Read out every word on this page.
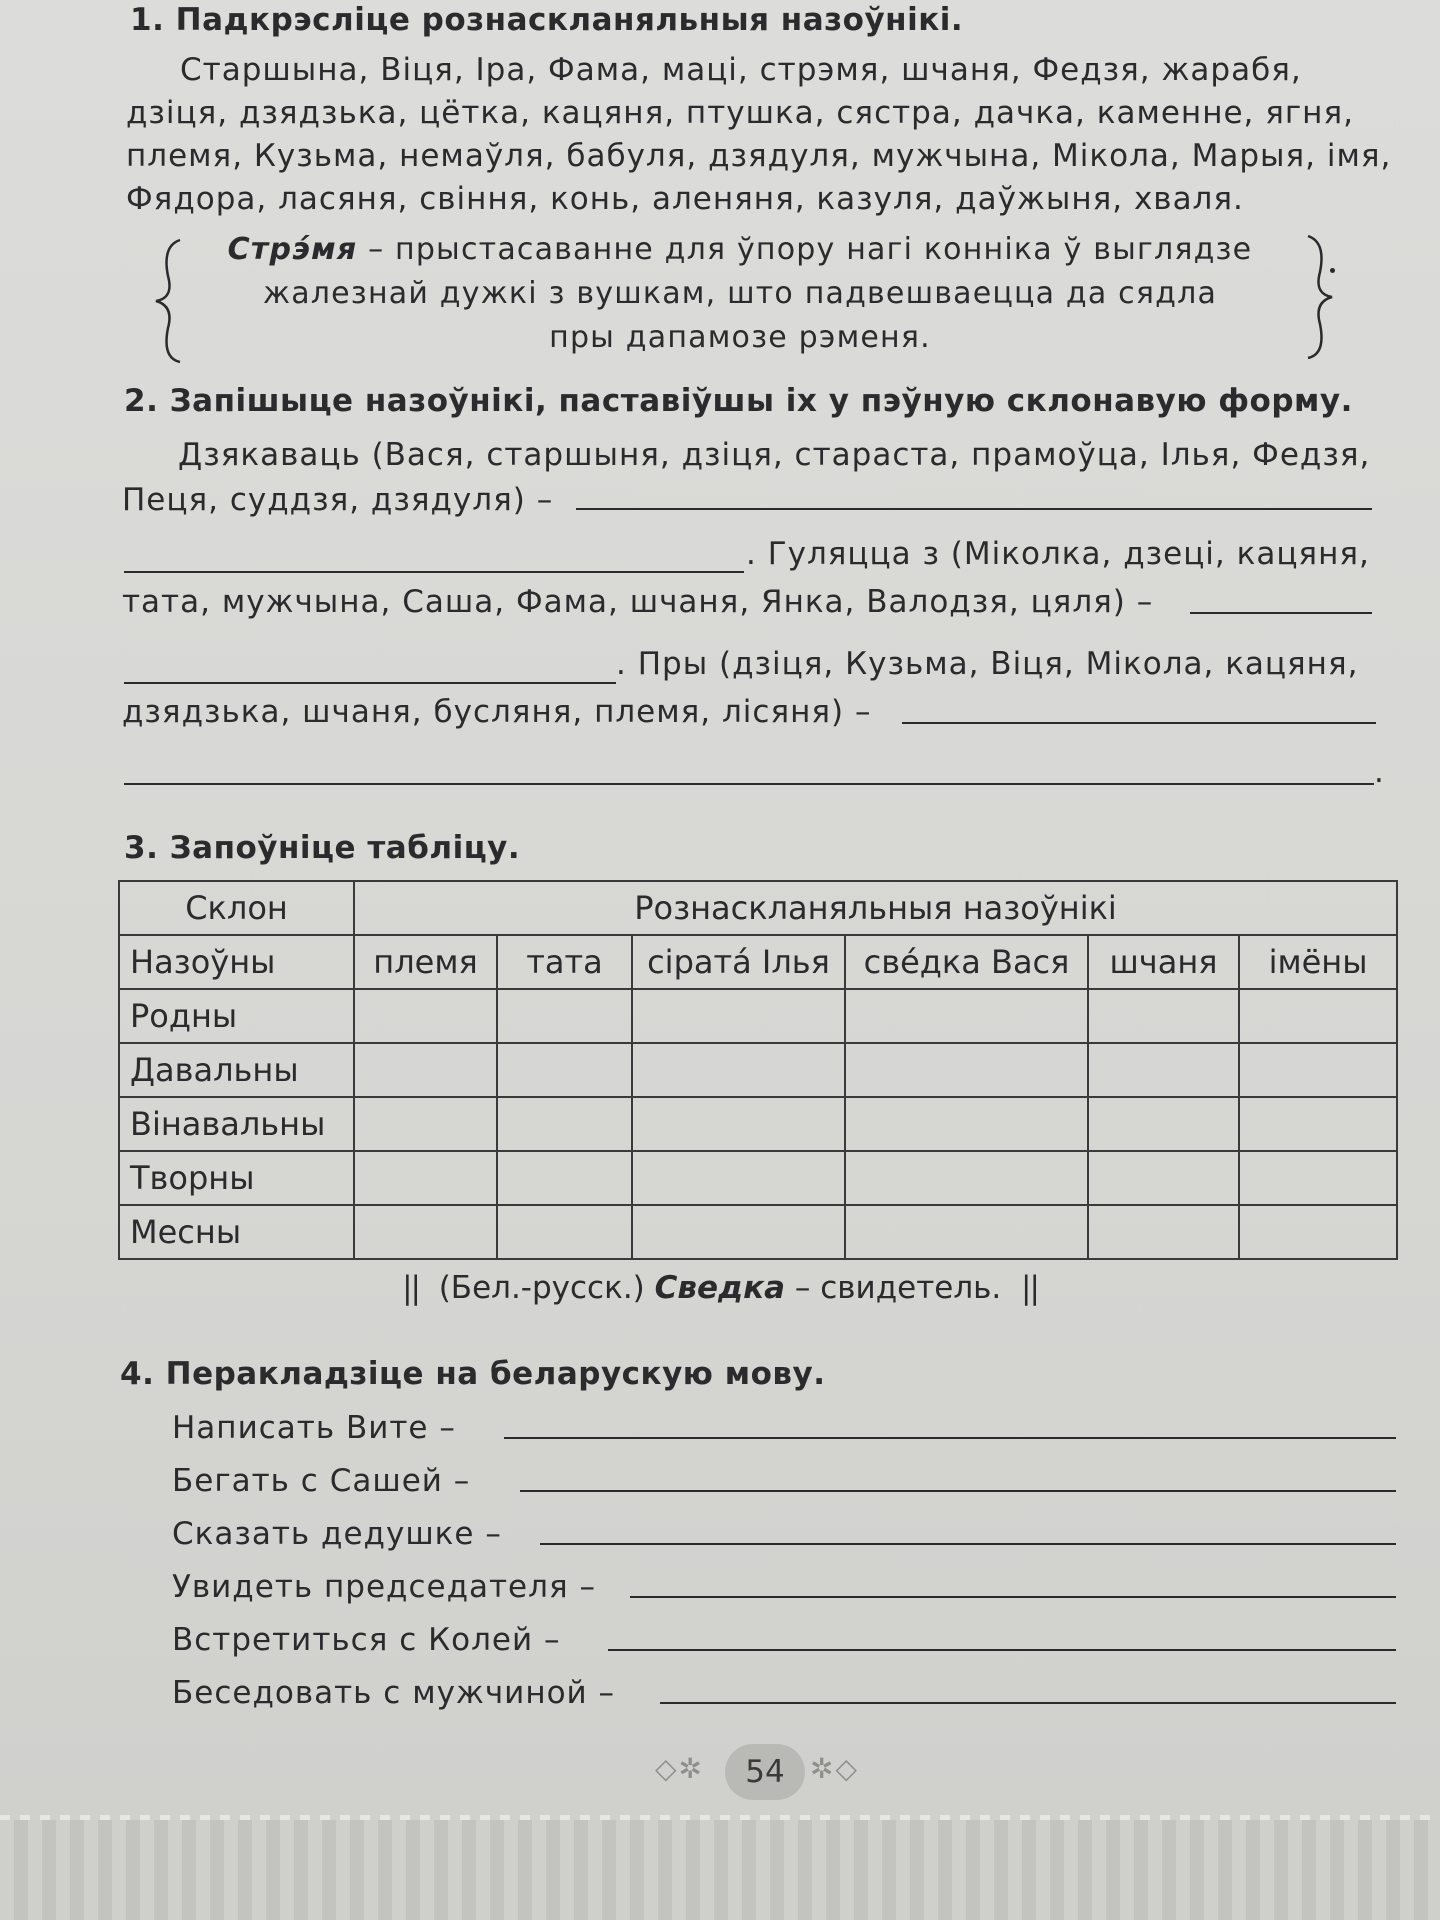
1. Падкрэсліце рознаскланяльныя назоўнікі.
Старшына, Віця, Іра, Фама, маці, стрэмя, шчаня, Федзя, жарабя,
дзіця, дзядзька, цётка, кацяня, птушка, сястра, дачка, каменне, ягня,
племя, Кузьма, немаўля, бабуля, дзядуля, мужчына, Мікола, Марыя, імя,
Фядора, ласяня, свіння, конь, аленяня, казуля, даўжыня, хваля.
Стрэ́мя – прыстасаванне для ўпору нагі конніка ў выглядзе
жалезнай дужкі з вушкам, што падвешваецца да сядла
пры дапамозе рэменя.
2. Запішыце назоўнікі, паставіўшы іх у пэўную склонавую форму.
Дзякаваць (Вася, старшыня, дзіця, стараста, прамоўца, Ілья, Федзя,
Пеця, суддзя, дзядуля) –
. Гуляцца з (Міколка, дзеці, кацяня,
тата, мужчына, Саша, Фама, шчаня, Янка, Валодзя, цяля) –
. Пры (дзіця, Кузьма, Віця, Мікола, кацяня,
дзядзька, шчаня, бусляня, племя, лісяня) –
.
3. Запоўніце табліцу.
Склон	Рознаскланяльныя назоўнікі					
Назоўны	племя	тата	сіратá Ілья	свéдка Вася	шчаня	імёны
Родны						
Давальны						
Вінавальны						
Творны						
Месны						
|| (Бел.-русск.) Сведка – свидетель. ||
4. Перакладзіце на беларускую мову.
Написать Вите –
Бегать с Сашей –
Сказать дедушке –
Увидеть председателя –
Встретиться с Колей –
Беседовать с мужчиной –
◇✲	54 ✲◇
